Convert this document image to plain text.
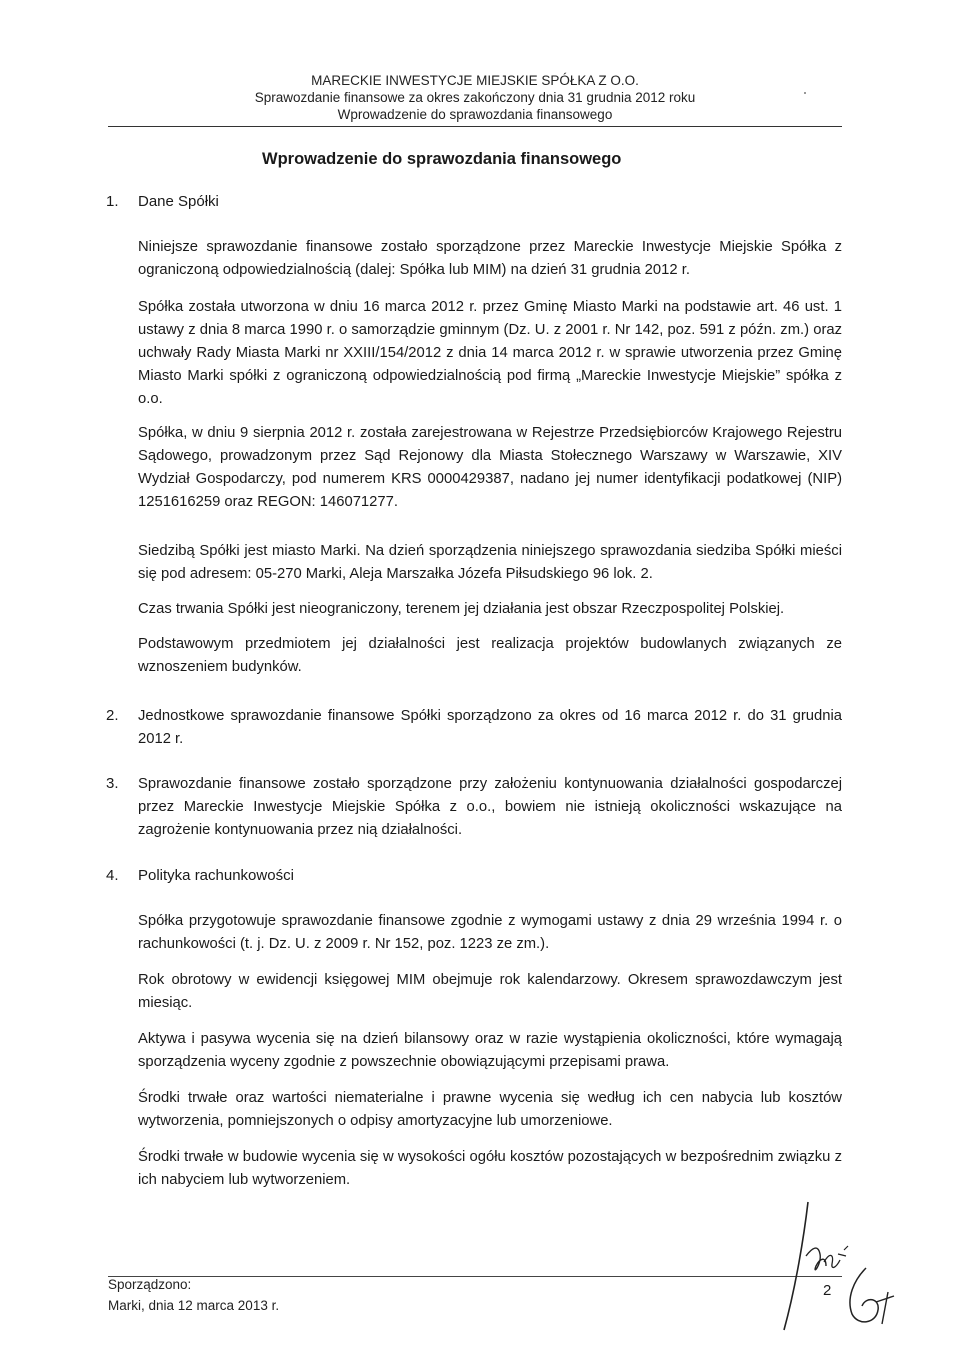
MARECKIE INWESTYCJE MIEJSKIE SPÓŁKA Z O.O.
Sprawozdanie finansowe za okres zakończony dnia 31 grudnia 2012 roku
Wprowadzenie do sprawozdania finansowego
Wprowadzenie do sprawozdania finansowego
1. Dane Spółki

Niniejsze sprawozdanie finansowe zostało sporządzone przez Mareckie Inwestycje Miejskie Spółka z ograniczoną odpowiedzialnością (dalej: Spółka lub MIM) na dzień 31 grudnia 2012 r.

Spółka została utworzona w dniu 16 marca 2012 r. przez Gminę Miasto Marki na podstawie art. 46 ust. 1 ustawy z dnia 8 marca 1990 r. o samorządzie gminnym (Dz. U. z 2001 r. Nr 142, poz. 591 z późn. zm.) oraz uchwały Rady Miasta Marki nr XXIII/154/2012 z dnia 14 marca 2012 r. w sprawie utworzenia przez Gminę Miasto Marki spółki z ograniczoną odpowiedzialnością pod firmą „Mareckie Inwestycje Miejskie” spółka z o.o.

Spółka, w dniu 9 sierpnia 2012 r. została zarejestrowana w Rejestrze Przedsiębiorców Krajowego Rejestru Sądowego, prowadzonym przez Sąd Rejonowy dla Miasta Stołecznego Warszawy w Warszawie, XIV Wydział Gospodarczy, pod numerem KRS 0000429387, nadano jej numer identyfikacji podatkowej (NIP) 1251616259 oraz REGON: 146071277.

Siedzibą Spółki jest miasto Marki. Na dzień sporządzenia niniejszego sprawozdania siedziba Spółki mieści się pod adresem: 05-270 Marki, Aleja Marszałka Józefa Piłsudskiego 96 lok. 2.

Czas trwania Spółki jest nieograniczony, terenem jej działania jest obszar Rzeczpospolitej Polskiej.

Podstawowym przedmiotem jej działalności jest realizacja projektów budowlanych związanych ze wznoszeniem budynków.

2. Jednostkowe sprawozdanie finansowe Spółki sporządzono za okres od 16 marca 2012 r. do 31 grudnia 2012 r.

3. Sprawozdanie finansowe zostało sporządzone przy założeniu kontynuowania działalności gospodarczej przez Mareckie Inwestycje Miejskie Spółka z o.o., bowiem nie istnieją okoliczności wskazujące na zagrożenie kontynuowania przez nią działalności.

4. Polityka rachunkowości

Spółka przygotowuje sprawozdanie finansowe zgodnie z wymogami ustawy z dnia 29 września 1994 r. o rachunkowości (t. j. Dz. U. z 2009 r. Nr 152, poz. 1223 ze zm.).

Rok obrotowy w ewidencji księgowej MIM obejmuje rok kalendarzowy. Okresem sprawozdawczym jest miesiąc.

Aktywa i pasywa wycenia się na dzień bilansowy oraz w razie wystąpienia okoliczności, które wymagają sporządzenia wyceny zgodnie z powszechnie obowiązującymi przepisami prawa.

Środki trwałe oraz wartości niematerialne i prawne wycenia się według ich cen nabycia lub kosztów wytworzenia, pomniejszonych o odpisy amortyzacyjne lub umorzeniowe.

Środki trwałe w budowie wycenia się w wysokości ogółu kosztów pozostających w bezpośrednim związku z ich nabyciem lub wytworzeniem.

Sporządzono:
Marki, dnia 12 marca 2013 r.
2
